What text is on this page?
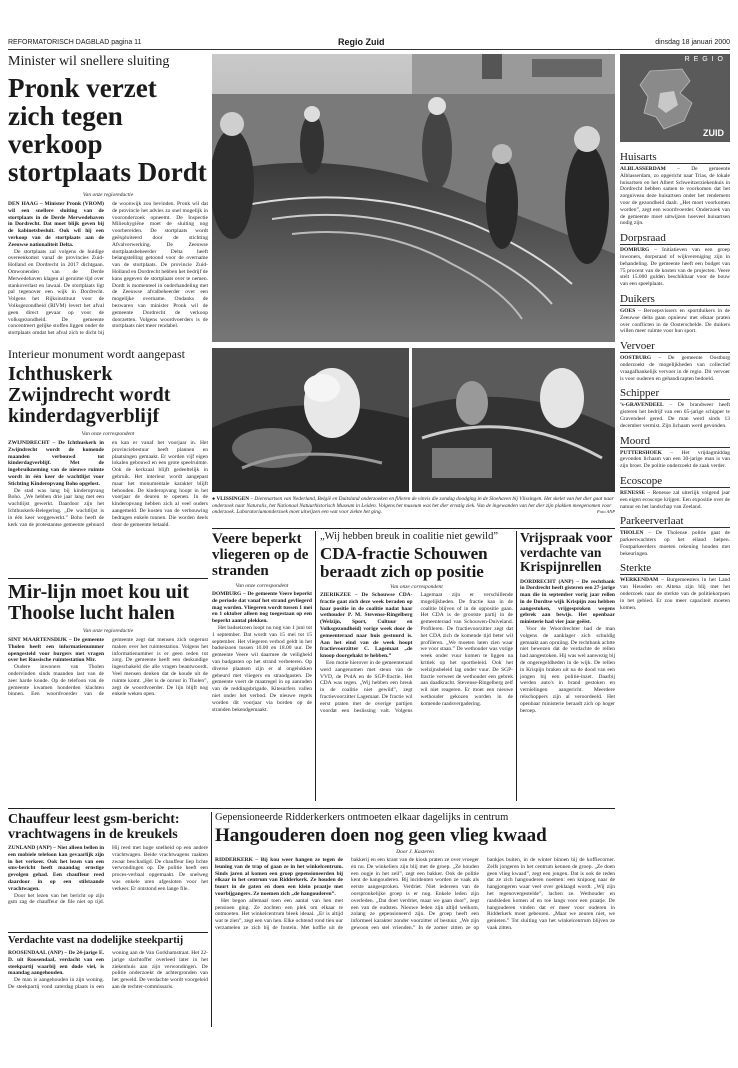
REFORMATORISCH DAGBLAD pagina 11	Regio Zuid	dinsdag 18 januari 2000
Minister wil snellere sluiting
Pronk verzet zich tegen verkoop stortplaats Dordt
Van onze regioredactie
DEN HAAG – Minister Pronk (VROM) wil een snellere sluiting van de stortplaats in de Derde Merwedehaven in Dordrecht. Dat moet blijk geven bij de kabinetsbesluit. Ook wil hij een verkoop van de stortplaats aan de Zeeuwse nationaliteit Delta.
De stortplaats zal volgens de huidige overeenkomst vanaf de provincies Zuid-Holland en Dordrecht in 2017 dichtgaan. Omwonenden van de Derde Merwedehaven klagen al geruime tijd over stankoverlast en lawaai. De stortplaats ligt pal tegenover een wijk in Dordrecht. Volgens het Rijksinstituut voor de Volksgezondheid (RIVM) levert het afval geen direct gevaar op voor de volksgezondheid. De gemeente concentreert gelijke stoffen liggen onder de stortplaats omdat het afval zich te dicht bij de woonwijk zou bevinden. Pronk wil dat de provincie het advies zo snel mogelijk in vooronderzoek opneemt. De Inspectie Milieuhygiëne moet de sluiting nog voorbereiden. De stortplaats wordt geëxploiteerd door de stichting Afvalverwerking. De Zeeuwse stortplaatsbeheerder Delta heeft belangstelling getoond voor de overname van de stortplaats. De provincie Zuid-Holland en Dordrecht hebben het bedrijf de kans gegeven de stortplaats over te nemen. Dordt is momenteel in onderhandeling met de Zeeuwse afvalbeheerder over een mogelijke overname. Ondanks de bezwaren van minister Pronk wil de gemeente Dordrecht de verkoop doorzetten. Volgens woordvoerders is de stortplaats niet meer rendabel.
R E G I O
ZUID
Huisarts
ALBLASSERDAM – De gemeente Alblasserdam, zo opgericht naar Trias, de lokale huisartsen en het Albert Schweitzerziekenhuis in Dordrecht hebben samen te voorkomen dat het zorgniveau deze huisartsen onder het rendement voor de gezondheid daalt. „Het moet voorkomen worden”, zegt een woordvoerder. Onderzoek van de gemeente moet uitwijzen hoeveel huisartsen nodig zijn.
Dorpsraad
DOMBURG – Initiatieven van een groep inwoners, dorpsraad of wijkvereniging zijn in behandeling. De gemeente heeft een budget van 75 procent van de kosten van de projecten. Veere stelt 15.000 gulden beschikbaar voor de bouw van een speelplaats.
Duikers
GOES – Beroepsvissers en sportduikers in de Zeeuwse delta gaan opnieuw met elkaar praten over conflicten in de Oosterschelde. De duikers willen meer ruimte voor hun sport.
Vervoer
OOSTBURG – De gemeente Oostburg onderzoekt de mogelijkheden van collectief vraagafhankelijk vervoer in de regio. Dit vervoer is voor ouderen en gehandicapten bedoeld.
Schipper
’s-GRAVENDEEL – De brandweer heeft gisteren het bedrijf van een 65-jarige schipper te Gravendeel gered. De man werd sinds 13 december vermist. Zijn lichaam werd gevonden.
Moord
PUTTERSHOEK – Het vrijdagmiddag gevonden lichaam van een 30-jarige man is van zijn broer. De politie onderzoekt de zaak verder.
Ecoscope
RENESSE – Renesse zal uiterlijk volgend jaar een eigen ecoscope krijgen. Een expositie over de natuur en het landschap van Zeeland.
Parkeerverlaat
THOLEN – De Tholense politie gaat de parkeerwachters op het eiland helpen. Foutparkeerders moeten rekening houden met bekeuringen.
Sterkte
WERKENDAM – Burgemeesters in het Land van Heusden en Altena zijn blij met het onderzoek naar de sterkte van de politiekorpsen in het gebied. Er zou meer capaciteit moeten komen.
Interieur monument wordt aangepast
Ichthuskerk Zwijndrecht wordt kinderdagverblijf
Van onze correspondent
ZWIJNDRECHT – De Ichthuskerk in Zwijndrecht wordt de komende maanden verbouwd tot kinderdagverblijf. Met de ingebruikneming van de nieuwe ruimte wordt in één keer de wachtlijst voor Stichting Kinderopvang Boho opgelost.
De stad was lang bij kinderopvang Boho. „We hebben drie jaar lang met een wachtlijst gewerkt. Daardoor zijn het Ichthuskerk-Belegering. „De wachtlijst is in één keer weggewerkt.” Boho heeft de kerk van de protestantse gemeente gehuurd en kan er vanaf het voorjaar in. Het provinciebestuur heeft plannen en plaatsingen gemaakt. Er worden vijf eigen lokalen gebouwd en een grote speelruimte. Ook de kerkzaal blijft gedeeltelijk in gebruik. Het interieur wordt aangepast maar het monumentale karakter blijft behouden. De kinderopvang hoopt in het voorjaar de deuren te openen. In de kinderopvang hebben zich al veel ouders aangemeld. De kosten van de verbouwing bedragen enkele tonnen. Die worden deels door de gemeente betaald.
● VLISSINGEN – Dierenartsen van Nederland, België en Duitsland onderzoeken en filleren de vinvis die zondag doodging in de Sloehaven bij Vlissingen. Het skelet van het dier gaat naar onderzoek naar Naturalis, het Nationaal Natuurhistorisch Museum in Leiden. Volgens het museum was het dier ernstig ziek. Van de ingewanden van het dier zijn plakken meegenomen voor onderzoek. Laboratoriumonderzoek moet uitwijzen een wat voor ziekte het ging.	Foto ANP
Mir-lijn moet kou uit Thoolse lucht halen
Van onze regioredactie
SINT MAARTENSDIJK – De gemeente Tholen heeft een informatienummer opengesteld voor burgers met vragen over het Russische ruimtestation Mir.
Oudere inwoners van Tholen ondervinden sinds maanden last van de zeer harde koude. Op de telefoon van de gemeente kwamen honderden klachten binnen. Een woordvoerder van de gemeente zegt dat mensen zich ongerust maken over het ruimtestation. Volgens het informatienummer is er geen reden tot zorg. De gemeente heeft een deskundige ingeschakeld die alle vragen beantwoordt. Veel mensen denken dat de koude uit de ruimte komt. „Het is de onrust in Tholen”, zegt de woordvoerder. De lijn blijft nog enkele weken open.
Veere beperkt vliegeren op de stranden
Van onze correspondent
DOMBURG – De gemeente Veere beperkt de periode dat vanaf het strand gevliegerd mag worden. Vliegeren wordt tussen 1 mei en 1 oktober alleen nog toegestaan op een beperkt aantal plekken.
Het badseizoen loopt nu nog van 1 juni tot 1 september. Dat wordt van 15 mei tot 15 september. Het vliegeren verbod geldt in het badseizoen tussen 10.00 en 18.00 uur. De gemeente Veere wil daarmee de veiligheid van badgasten op het strand verbeteren. Op diverse plaatsen zijn er al ongelukken gebeurd met vliegers en strandgasten. De gemeente voert de maatregel in op aanraden van de reddingsbrigade. Kitesurfers vallen niet onder het verbod. De nieuwe regels worden dit voorjaar via borden op de stranden bekendgemaakt.
„Wij hebben breuk in coalitie niet gewild”
CDA-fractie Schouwen beraadt zich op positie
Van onze correspondent
ZIERIKZEE – De Schouwse CDA-fractie gaat zich deze week beraden op haar positie in de coalitie nadat haar wethouder P. M. Stevense-Ringelberg (Welzijn, Sport, Cultuur en Volksgezondheid) vorige week door de gemeenteraad naar huis gestuurd is. Aan het eind van de week hoopt fractievoorzitter C. Lagemaat „de knoop doorgehakt te hebben.”
Een motie hierover in de gemeenteraad werd aangenomen met steun van de VVD, de PvdA en de SGP-fractie. Het CDA was tegen. „Wij hebben een breuk in de coalitie niet gewild”, zegt fractievoorzitter Lagemaat. De fractie wil eerst praten met de overige partijen voordat een beslissing valt. Volgens Lagemaat zijn er verschillende mogelijkheden. De fractie kan in de coalitie blijven of in de oppositie gaan. Het CDA is de grootste partij in de gemeenteraad van Schouwen-Duiveland. Profileren. De fractievoorzitter zegt dat het CDA zich de komende tijd beter wil profileren. „We moeten laten zien waar we voor staan.” De wethouder was vorige week onder vuur komen te liggen na kritiek op het sportbeleid. Ook het welzijnsbeleid lag onder vuur. De SGP-fractie verweet de wethouder een gebrek aan daadkracht. Stevense-Ringelberg zelf wil niet reageren. Er moet een nieuwe wethouder gekozen worden in de komende raadsvergadering.
Vrijspraak voor verdachte van Krispijnrellen
DORDRECHT (ANP) – De rechtbank in Dordrecht heeft gisteren een 27-jarige man die in september vorig jaar rellen in de Dordtse wijk Krispijn zou hebben aangestoken, vrijgesproken wegens gebrek aan bewijs. Het openbaar ministerie had vier jaar geëist.
Voor de Woordrechter had de man volgens de aanklager zich schuldig gemaakt aan opruiing. De rechtbank achtte niet bewezen dat de verdachte de rellen had aangestoken. Hij was wel aanwezig bij de ongeregeldheden in de wijk. De rellen in Krispijn braken uit na de dood van een jongen bij een politie-inzet. Daarbij werden auto's in brand gestoken en vernielingen aangericht. Meerdere relschoppers zijn al veroordeeld. Het openbaar ministerie beraadt zich op hoger beroep.
Chauffeur leest gsm-bericht: vrachtwagens in de kreukels
ZUNLAND (ANP) – Niet alleen bellen in een mobiele telefoon kan gevaarlijk zijn in het verkeer. Ook het lezen van een sms-bericht heeft maandag ernstige gevolgen gehad. Een chauffeur reed daardoor in op een stilstaande vrachtwagen.
Door het lezen van het bericht op zijn gsm zag de chauffeur de file niet op tijd. Hij reed met hoge snelheid op een andere vrachtwagen. Beide vrachtwagens raakten zwaar beschadigd. De chauffeur liep lichte verwondingen op. De politie heeft een proces-verbaal opgemaakt. De snelweg was enkele uren afgesloten voor het verkeer. Er ontstond een lange file.
Verdachte vast na dodelijke steekpartij
ROOSENDAAL (ANP) – De 24-jarige E. D. uit Roosendaal, verdacht van een steekpartij waarbij een dode viel, is maandag aangehouden.
De man is aangehouden in zijn woning. De steekpartij vond zaterdag plaats in een woning aan de Van Gorkhamstraat. Het 22-jarige slachtoffer overleed later in het ziekenhuis aan zijn verwondingen. De politie onderzoekt de achtergronden van het geweld. De verdachte wordt voorgeleid aan de rechter-commissaris.
Gepensioneerde Ridderkerkers ontmoeten elkaar dagelijks in centrum
Hangouderen doen nog geen vlieg kwaad
Door J. Kasteren
RIDDERKERK – Bij kou weer hangen ze tegen de leuning van de trap of gaan ze in het winkelcentrum. Sinds jaren al komen een groep gepensioneerden bij elkaar in het centrum van Ridderkerk. Ze houden de buurt in de gaten en doen een klein praatje met voorbijgangers. Ze noemen zich „de hangouderen”.
Het begon allemaal toen een aantal van hen met pensioen ging. Ze zochten een plek om elkaar te ontmoeten. Het winkelcentrum bleek ideaal. „Er is altijd wat te zien”, zegt een van hen. Elke ochtend rond tien uur verzamelen ze zich bij de fontein. Met koffie uit de bakkerij en een krant van de kiosk praten ze over vroeger en nu. De winkeliers zijn blij met de groep. „Ze houden een oogje in het zeil”, zegt een bakker. Ook de politie kent de hangouderen. Bij incidenten worden ze vaak als eerste aangesproken. Verdriet. Niet iedereen van de oorspronkelijke groep is er nog. Enkele leden zijn overleden. „Dat doet verdriet, maar we gaan door”, zegt een van de oudsten. Nieuwe leden zijn altijd welkom, zolang ze gepensioneerd zijn. De groep heeft een informeel karakter zonder voorzitter of bestuur. „We zijn gewoon een stel vrienden.” In de zomer zitten ze op bankjes buiten, in de winter binnen bij de koffiecorner. Zelfs jongeren in het centrum kennen de groep. „Ze doen geen vlieg kwaad”, zegt een jongen. Dat is ook de reden dat ze zich hangouderen noemen: een knipoog naar de hangjongeren waar veel over geklaagd wordt. „Wij zijn het tegenovergestelde”, lachen ze. Wethouder en raadsleden komen af en toe langs voor een praatje. De hangouderen vinden dat er meer voor ouderen in Ridderkerk moet gebeuren. „Maar we zeuren niet, we genieten.” Tot sluiting van het winkelcentrum blijven ze vaak zitten.
